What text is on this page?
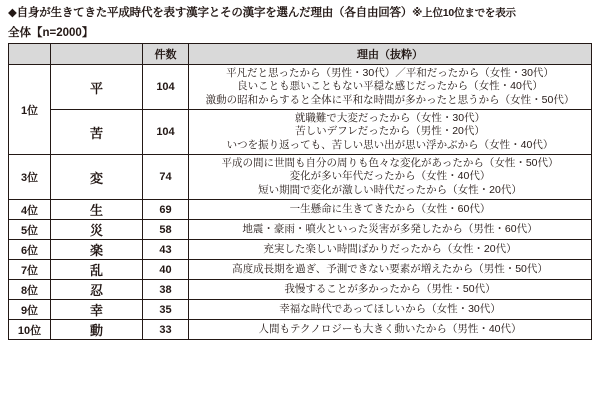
◆自身が生きてきた平成時代を表す漢字とその漢字を選んだ理由（各自由回答）※上位10位までを表示
全体【n=2000】
		件数	理由（抜粋）
1位	平	104	平凡だと思ったから（男性・30代）／平和だったから（女性・30代）
良いことも悪いこともない平穏な感じだったから（女性・40代）
激動の昭和からすると全体に平和な時間が多かったと思うから（女性・50代）

	苦	104	就職難で大変だったから（女性・30代）
苦しいデフレだったから（男性・20代）
いつを振り返っても、苦しい思い出が思い浮かぶから（女性・40代）

3位	変	74	平成の間に世間も自分の周りも色々な変化があったから（女性・50代）
変化が多い年代だったから（女性・40代）
短い期間で変化が激しい時代だったから（女性・20代）

4位	生	69	一生懸命に生きてきたから（女性・60代）

5位	災	58	地震・豪雨・噴火といった災害が多発したから（男性・60代）

6位	楽	43	充実した楽しい時間ばかりだったから（女性・20代）

7位	乱	40	高度成長期を過ぎ、予測できない要素が増えたから（男性・50代）

8位	忍	38	我慢することが多かったから（男性・50代）

9位	幸	35	幸福な時代であってほしいから（女性・30代）

10位	動	33	人間もテクノロジーも大きく動いたから（男性・40代）
